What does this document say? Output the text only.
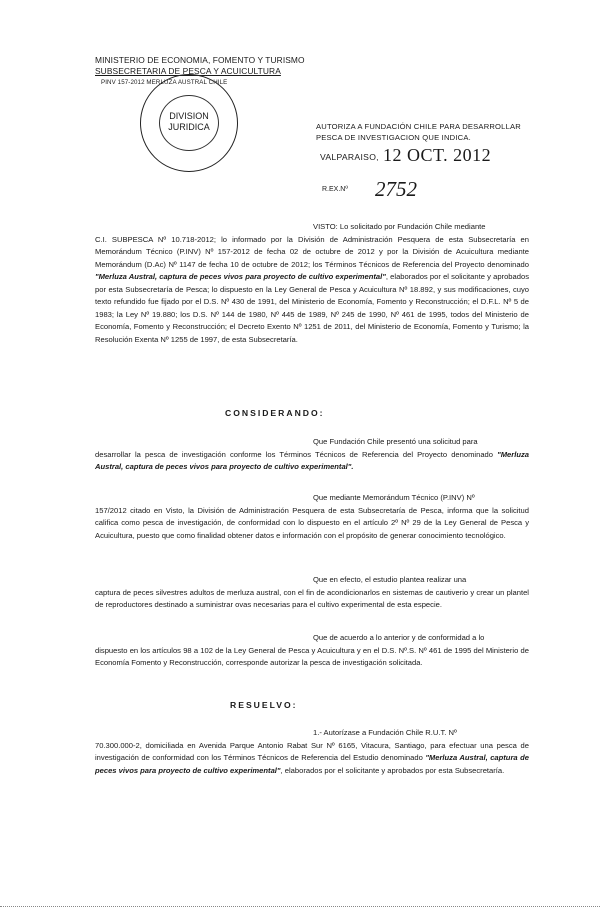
MINISTERIO DE ECONOMIA, FOMENTO Y TURISMO
SUBSECRETARIA DE PESCA Y ACUICULTURA
PINV 157-2012 MERLUZA AUSTRAL CHILE
DIVISION
JURIDICA	AUTORIZA A FUNDACIÓN CHILE PARA DESARROLLAR
PESCA DE INVESTIGACION QUE INDICA.
VALPARAISO, 12 OCT. 2012
R.EX.Nº 2752
VISTO: Lo solicitado por Fundación Chile mediante
C.I. SUBPESCA Nº 10.718-2012; lo informado por la División de Administración Pesquera de esta Subsecretaría en Memorándum Técnico (P.INV) Nº 157-2012 de fecha 02 de octubre de 2012 y por la División de Acuicultura mediante Memorándum (D.Ac) Nº 1147 de fecha 10 de octubre de 2012; los Términos Técnicos de Referencia del Proyecto denominado "Merluza Austral, captura de peces vivos para proyecto de cultivo experimental", elaborados por el solicitante y aprobados por esta Subsecretaría de Pesca; lo dispuesto en la Ley General de Pesca y Acuicultura Nº 18.892, y sus modificaciones, cuyo texto refundido fue fijado por el D.S. Nº 430 de 1991, del Ministerio de Economía, Fomento y Reconstrucción; el D.F.L. Nº 5 de 1983; la Ley Nº 19.880; los D.S. Nº 144 de 1980, Nº 445 de 1989, Nº 245 de 1990, Nº 461 de 1995, todos del Ministerio de Economía, Fomento y Reconstrucción; el Decreto Exento Nº 1251 de 2011, del Ministerio de Economía, Fomento y Turismo; la Resolución Exenta Nº 1255 de 1997, de esta Subsecretaría.
CONSIDERANDO:
Que Fundación Chile presentó una solicitud para
desarrollar la pesca de investigación conforme los Términos Técnicos de Referencia del Proyecto denominado "Merluza Austral, captura de peces vivos para proyecto de cultivo experimental".
Que mediante Memorándum Técnico (P.INV) Nº
157/2012 citado en Visto, la División de Administración Pesquera de esta Subsecretaría de Pesca, informa que la solicitud califica como pesca de investigación, de conformidad con lo dispuesto en el artículo 2º Nº 29 de la Ley General de Pesca y Acuicultura, puesto que como finalidad obtener datos e información con el propósito de generar conocimiento tecnológico.
Que en efecto, el estudio plantea realizar una
captura de peces silvestres adultos de merluza austral, con el fin de acondicionarlos en sistemas de cautiverio y crear un plantel de reproductores destinado a suministrar ovas necesarias para el cultivo experimental de esta especie.
Que de acuerdo a lo anterior y de conformidad a lo
dispuesto en los artículos 98 a 102 de la Ley General de Pesca y Acuicultura y en el D.S. Nº.S. Nº 461 de 1995 del Ministerio de Economía Fomento y Reconstrucción, corresponde autorizar la pesca de investigación solicitada.
RESUELVO:
1.- Autorízase a Fundación Chile R.U.T. Nº
70.300.000-2, domiciliada en Avenida Parque Antonio Rabat Sur Nº 6165, Vitacura, Santiago, para efectuar una pesca de investigación de conformidad con los Términos Técnicos de Referencia del Estudio denominado "Merluza Austral, captura de peces vivos para proyecto de cultivo experimental", elaborados por el solicitante y aprobados por esta Subsecretaría.
